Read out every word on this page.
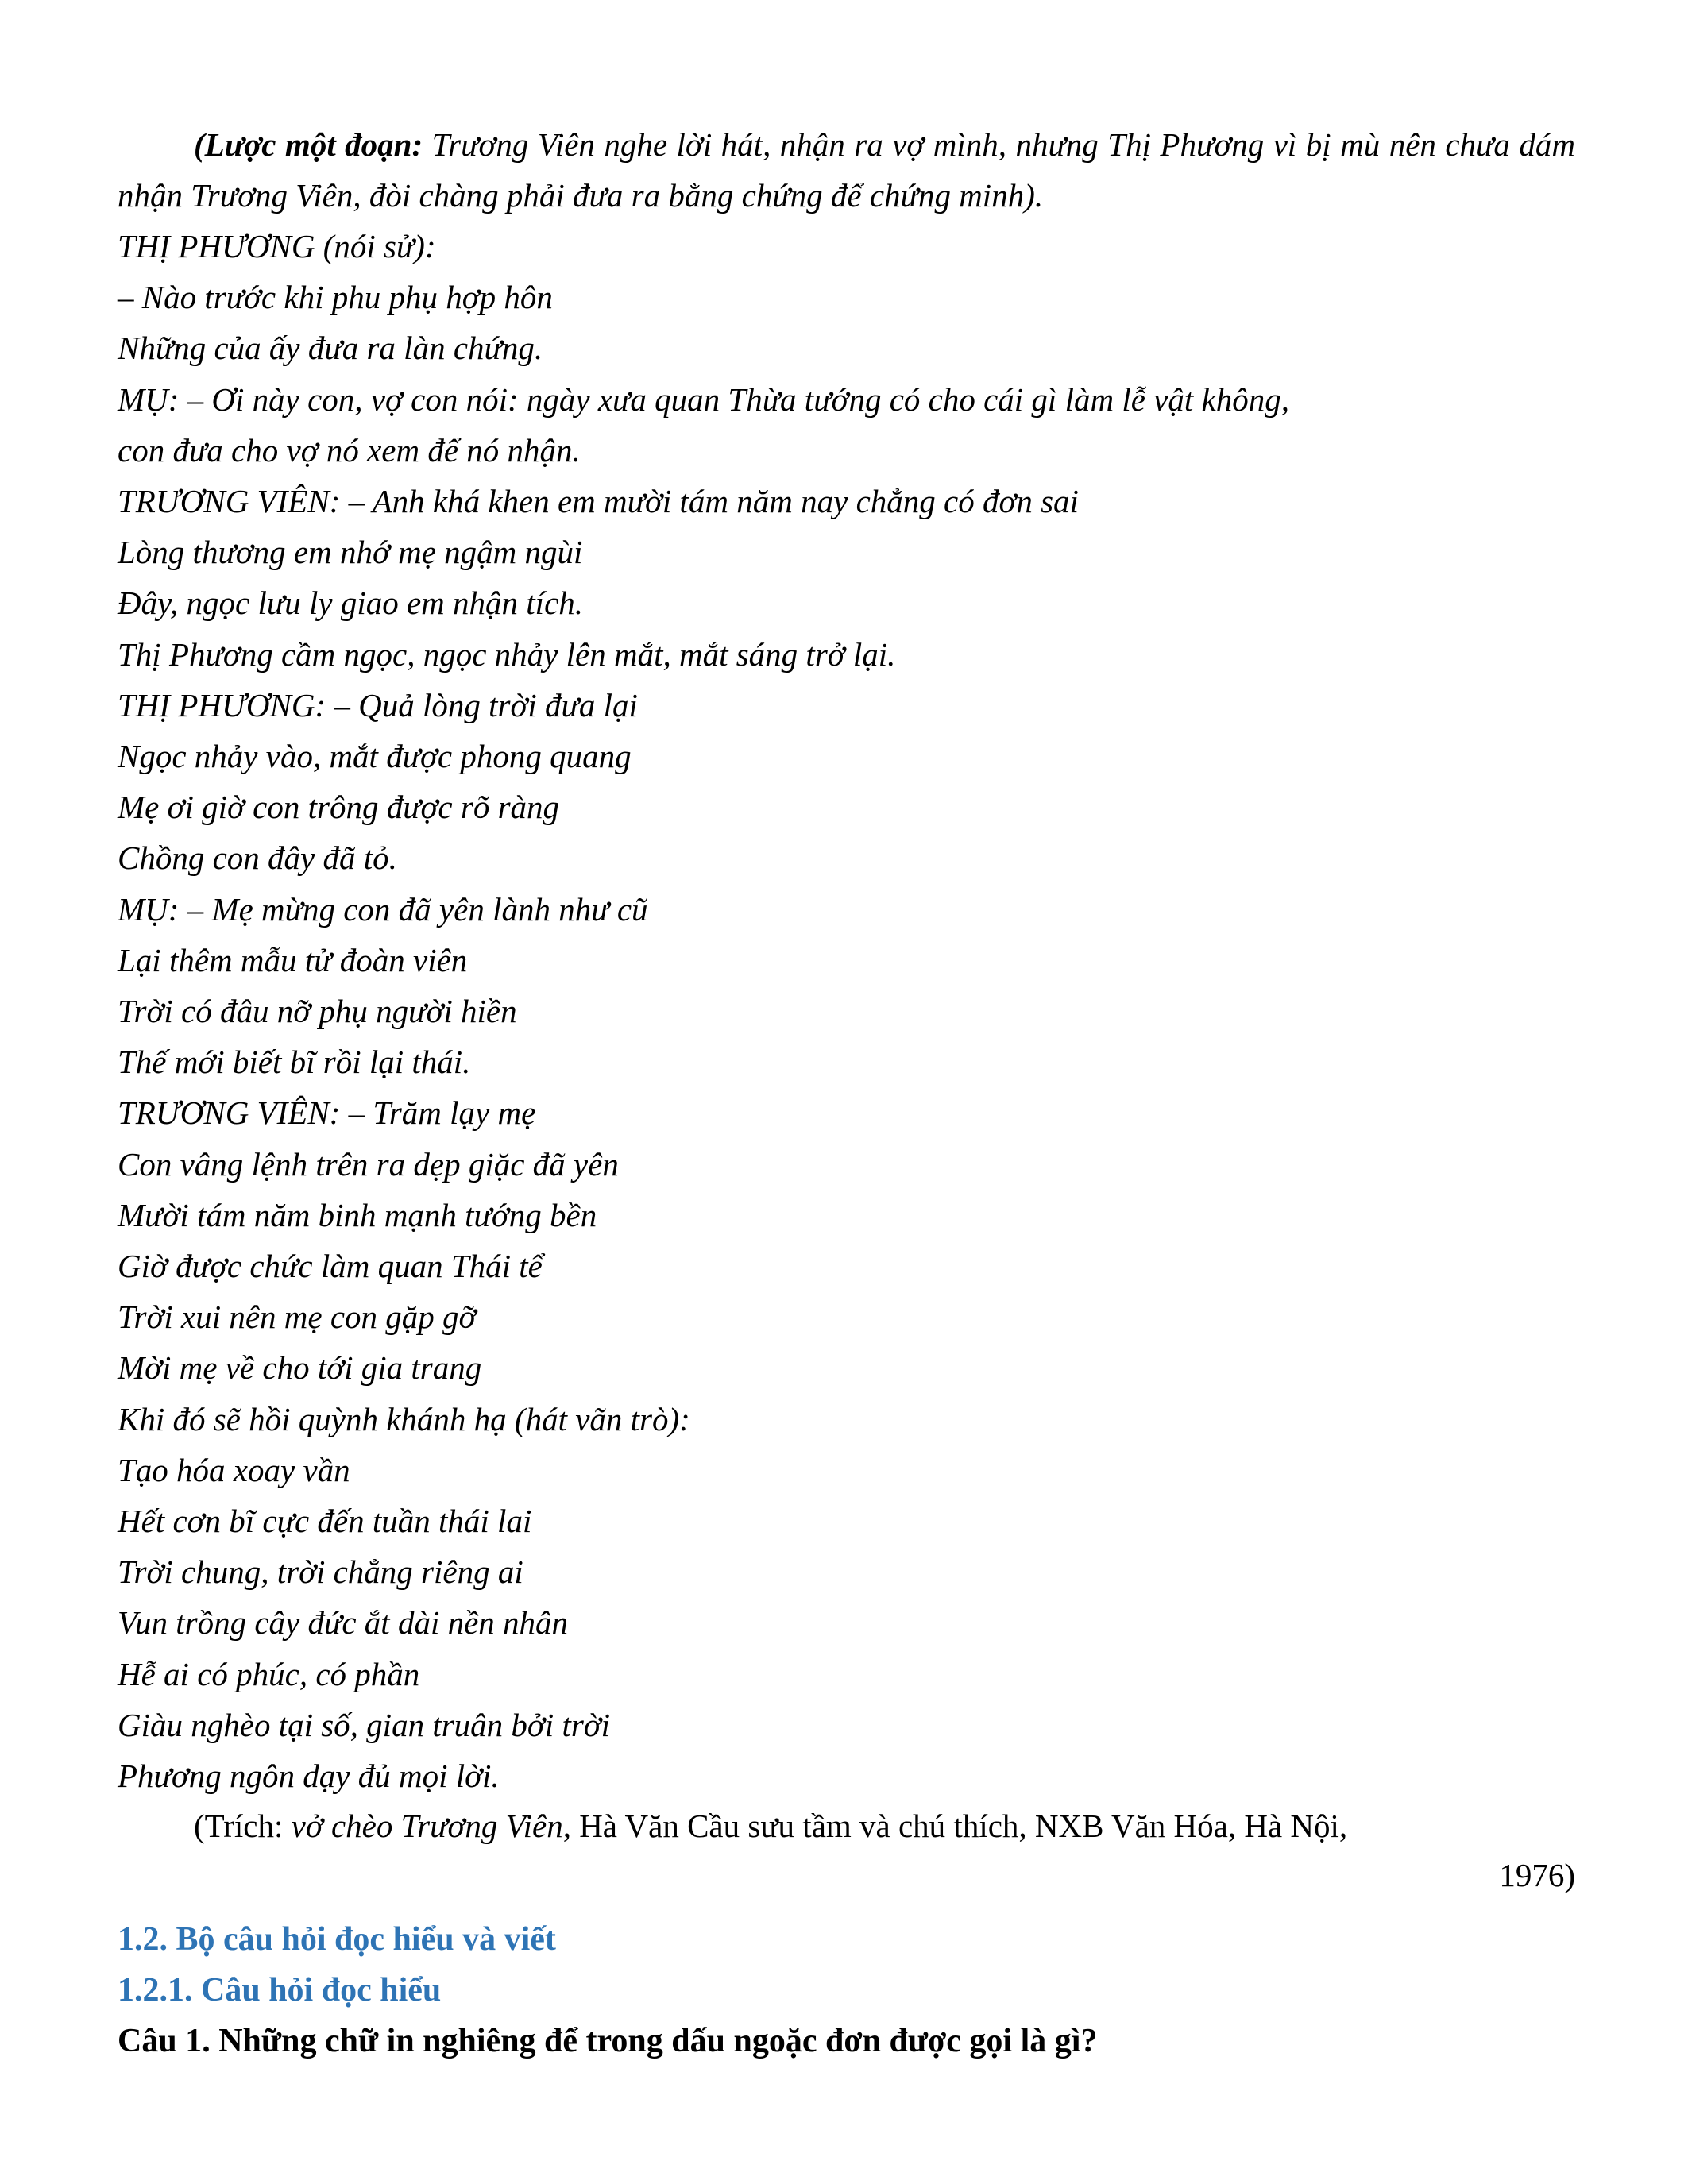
(Lược một đoạn: Trương Viên nghe lời hát, nhận ra vợ mình, nhưng Thị Phương vì bị mù nên chưa dám nhận Trương Viên, đòi chàng phải đưa ra bằng chứng để chứng minh).

THỊ PHƯƠNG (nói sử):
– Nào trước khi phu phụ hợp hôn
Những của ấy đưa ra làn chứng.
MỤ: – Ơi này con, vợ con nói: ngày xưa quan Thừa tướng có cho cái gì làm lễ vật không,
con đưa cho vợ nó xem để nó nhận.
TRƯƠNG VIÊN: – Anh khá khen em mười tám năm nay chẳng có đơn sai
Lòng thương em nhớ mẹ ngậm ngùi
Đây, ngọc lưu ly giao em nhận tích.
Thị Phương cầm ngọc, ngọc nhảy lên mắt, mắt sáng trở lại.
THỊ PHƯƠNG: – Quả lòng trời đưa lại
Ngọc nhảy vào, mắt được phong quang
Mẹ ơi giờ con trông được rõ ràng
Chồng con đây đã tỏ.
MỤ: – Mẹ mừng con đã yên lành như cũ
Lại thêm mẫu tử đoàn viên
Trời có đâu nỡ phụ người hiền
Thế mới biết bĩ rồi lại thái.
TRƯƠNG VIÊN: – Trăm lạy mẹ
Con vâng lệnh trên ra dẹp giặc đã yên
Mười tám năm binh mạnh tướng bền
Giờ được chức làm quan Thái tể
Trời xui nên mẹ con gặp gỡ
Mời mẹ về cho tới gia trang
Khi đó sẽ hồi quỳnh khánh hạ (hát vãn trò):
Tạo hóa xoay vần
Hết cơn bĩ cực đến tuần thái lai
Trời chung, trời chẳng riêng ai
Vun trồng cây đức ắt dài nền nhân
Hễ ai có phúc, có phần
Giàu nghèo tại số, gian truân bởi trời
Phương ngôn dạy đủ mọi lời.

(Trích: vở chèo Trương Viên, Hà Văn Cầu sưu tầm và chú thích, NXB Văn Hóa, Hà Nội,

1976)

1.2. Bộ câu hỏi đọc hiểu và viết

1.2.1. Câu hỏi đọc hiểu

Câu 1. Những chữ in nghiêng để trong dấu ngoặc đơn được gọi là gì?
